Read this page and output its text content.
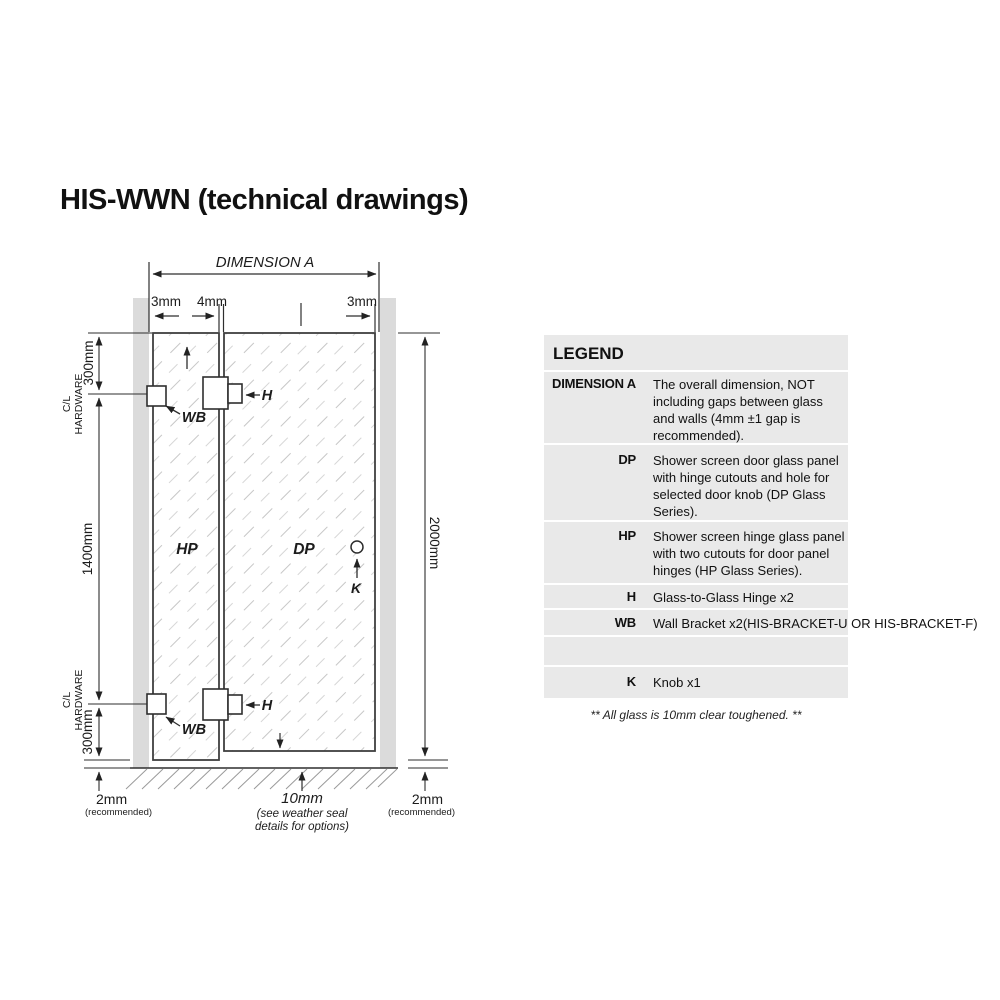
HIS-WWN (technical drawings)
DIMENSION A
3mm 4mm	3mm
300mm
C/L HARDWARE
1400mm
C/L HARDWARE
300mm
2mm
(recommended)
2000mm
2mm
(recommended)
10mm
(see weather seal
details for options)
HP	DP
K
H
H
WB
WB
LEGEND
DIMENSION A The overall dimension, NOT including gaps between glass and walls (4mm ±1 gap is recommended).
DP Shower screen door glass panel with hinge cutouts and hole for selected door knob (DP Glass Series).
HP Shower screen hinge glass panel with two cutouts for door panel hinges (HP Glass Series).
H Glass-to-Glass Hinge x2
WB Wall Bracket x2(HIS-BRACKET-U OR HIS-BRACKET-F)
K Knob x1
** All glass is 10mm clear toughened. **
